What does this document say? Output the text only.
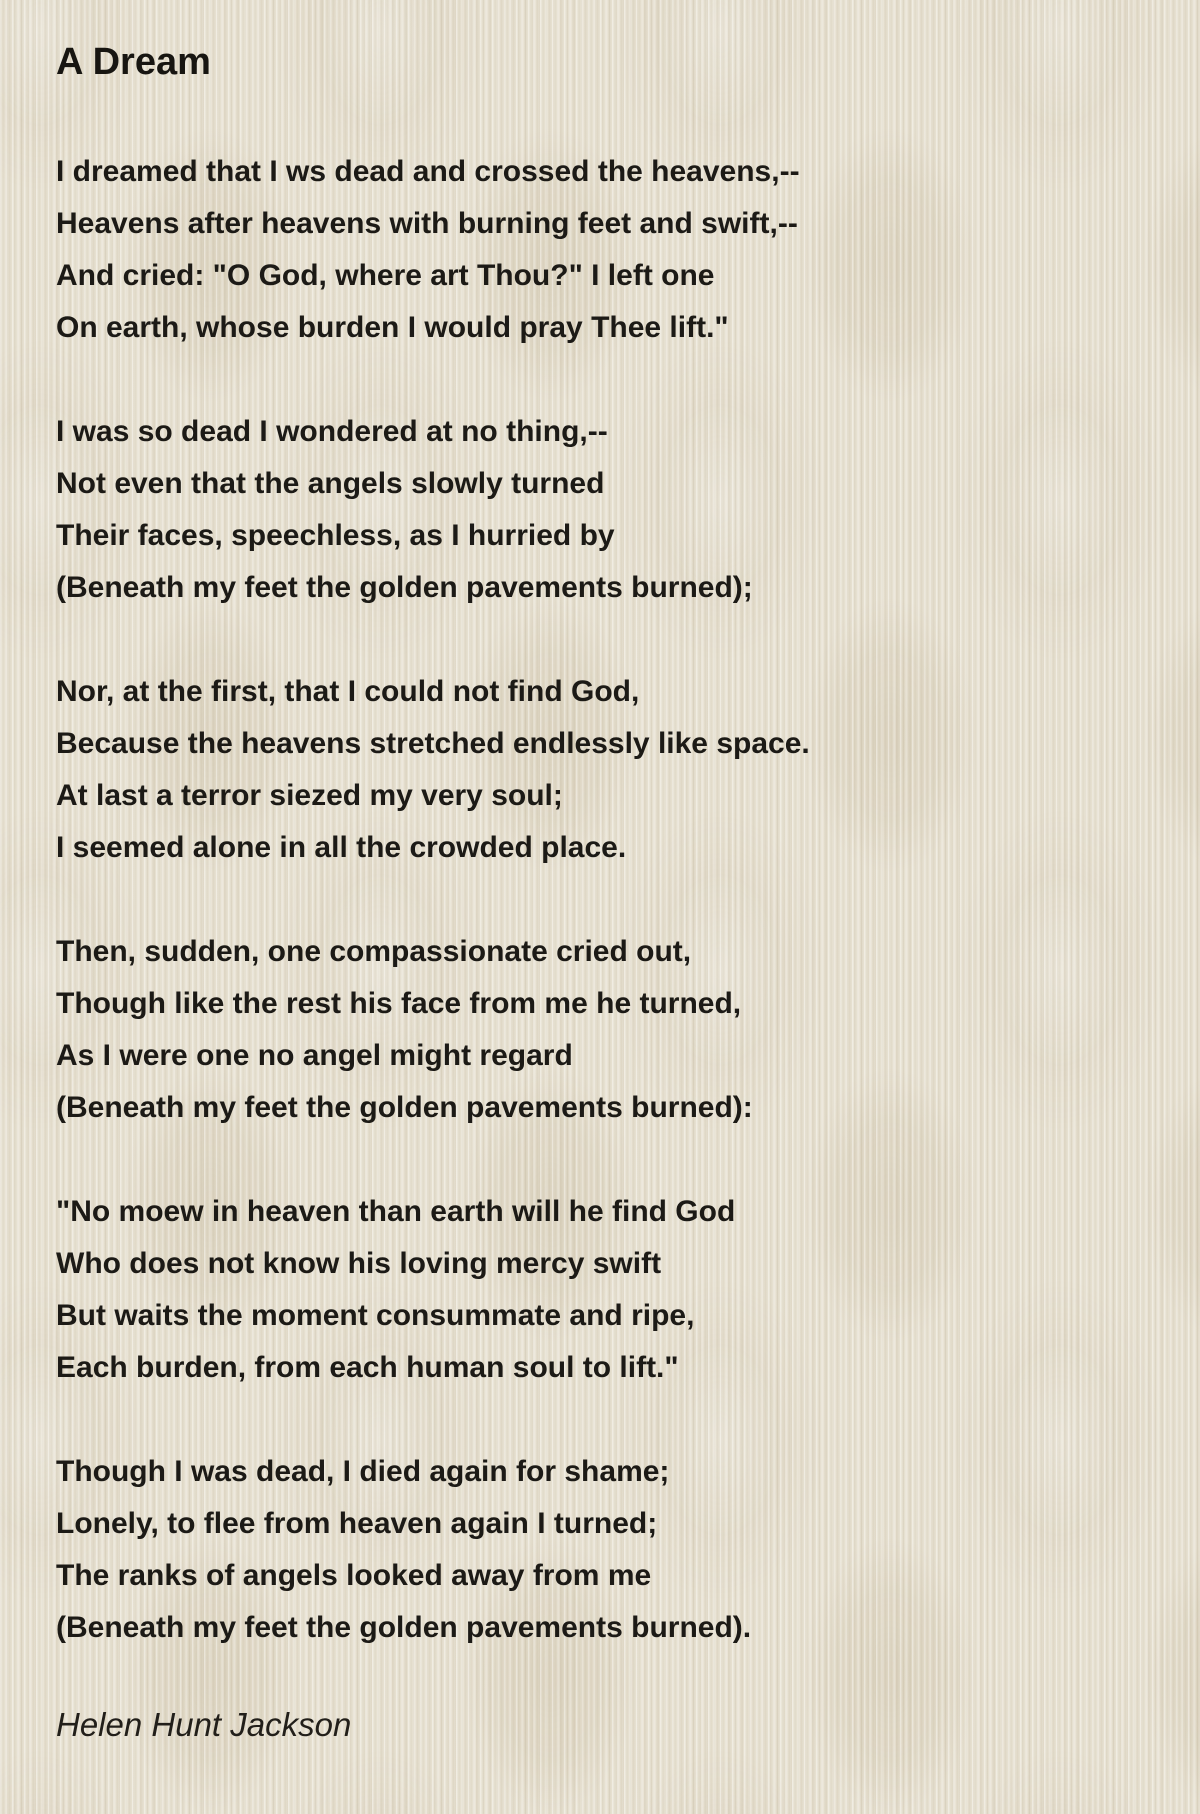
A Dream
I dreamed that I ws dead and crossed the heavens,--
Heavens after heavens with burning feet and swift,--
And cried: "O God, where art Thou?" I left one
On earth, whose burden I would pray Thee lift."
I was so dead I wondered at no thing,--
Not even that the angels slowly turned
Their faces, speechless, as I hurried by
(Beneath my feet the golden pavements burned);
Nor, at the first, that I could not find God,
Because the heavens stretched endlessly like space.
At last a terror siezed my very soul;
I seemed alone in all the crowded place.
Then, sudden, one compassionate cried out,
Though like the rest his face from me he turned,
As I were one no angel might regard
(Beneath my feet the golden pavements burned):
"No moew in heaven than earth will he find God
Who does not know his loving mercy swift
But waits the moment consummate and ripe,
Each burden, from each human soul to lift."
Though I was dead, I died again for shame;
Lonely, to flee from heaven again I turned;
The ranks of angels looked away from me
(Beneath my feet the golden pavements burned).
Helen Hunt Jackson
